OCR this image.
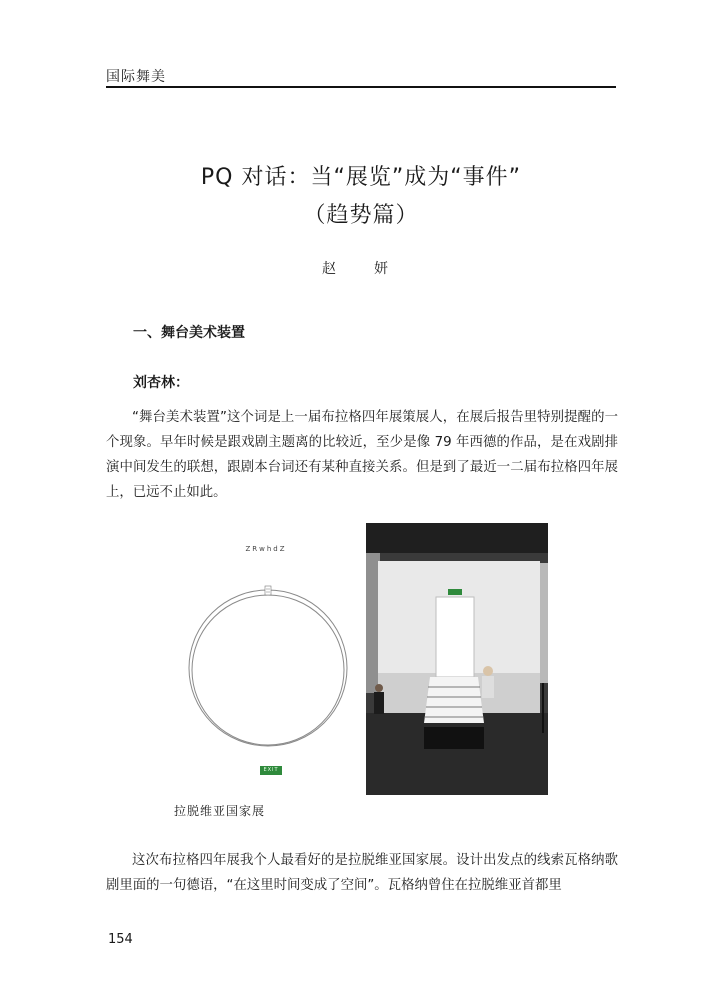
国际舞美
PQ 对话：当“展览”成为“事件”
（趋势篇）
赵　妍
一、舞台美术装置
刘杏林：
“舞台美术装置”这个词是上一届布拉格四年展策展人，在展后报告里特别提醒的一个现象。早年时候是跟戏剧主题离的比较近，至少是像 79 年西德的作品，是在戏剧排演中间发生的联想，跟剧本台词还有某种直接关系。但是到了最近一二届布拉格四年展上，已远不止如此。
ZRwhdZ
EXIT
拉脱维亚国家展
这次布拉格四年展我个人最看好的是拉脱维亚国家展。设计出发点的线索瓦格纳歌剧里面的一句德语，“在这里时间变成了空间”。瓦格纳曾住在拉脱维亚首都里
154
